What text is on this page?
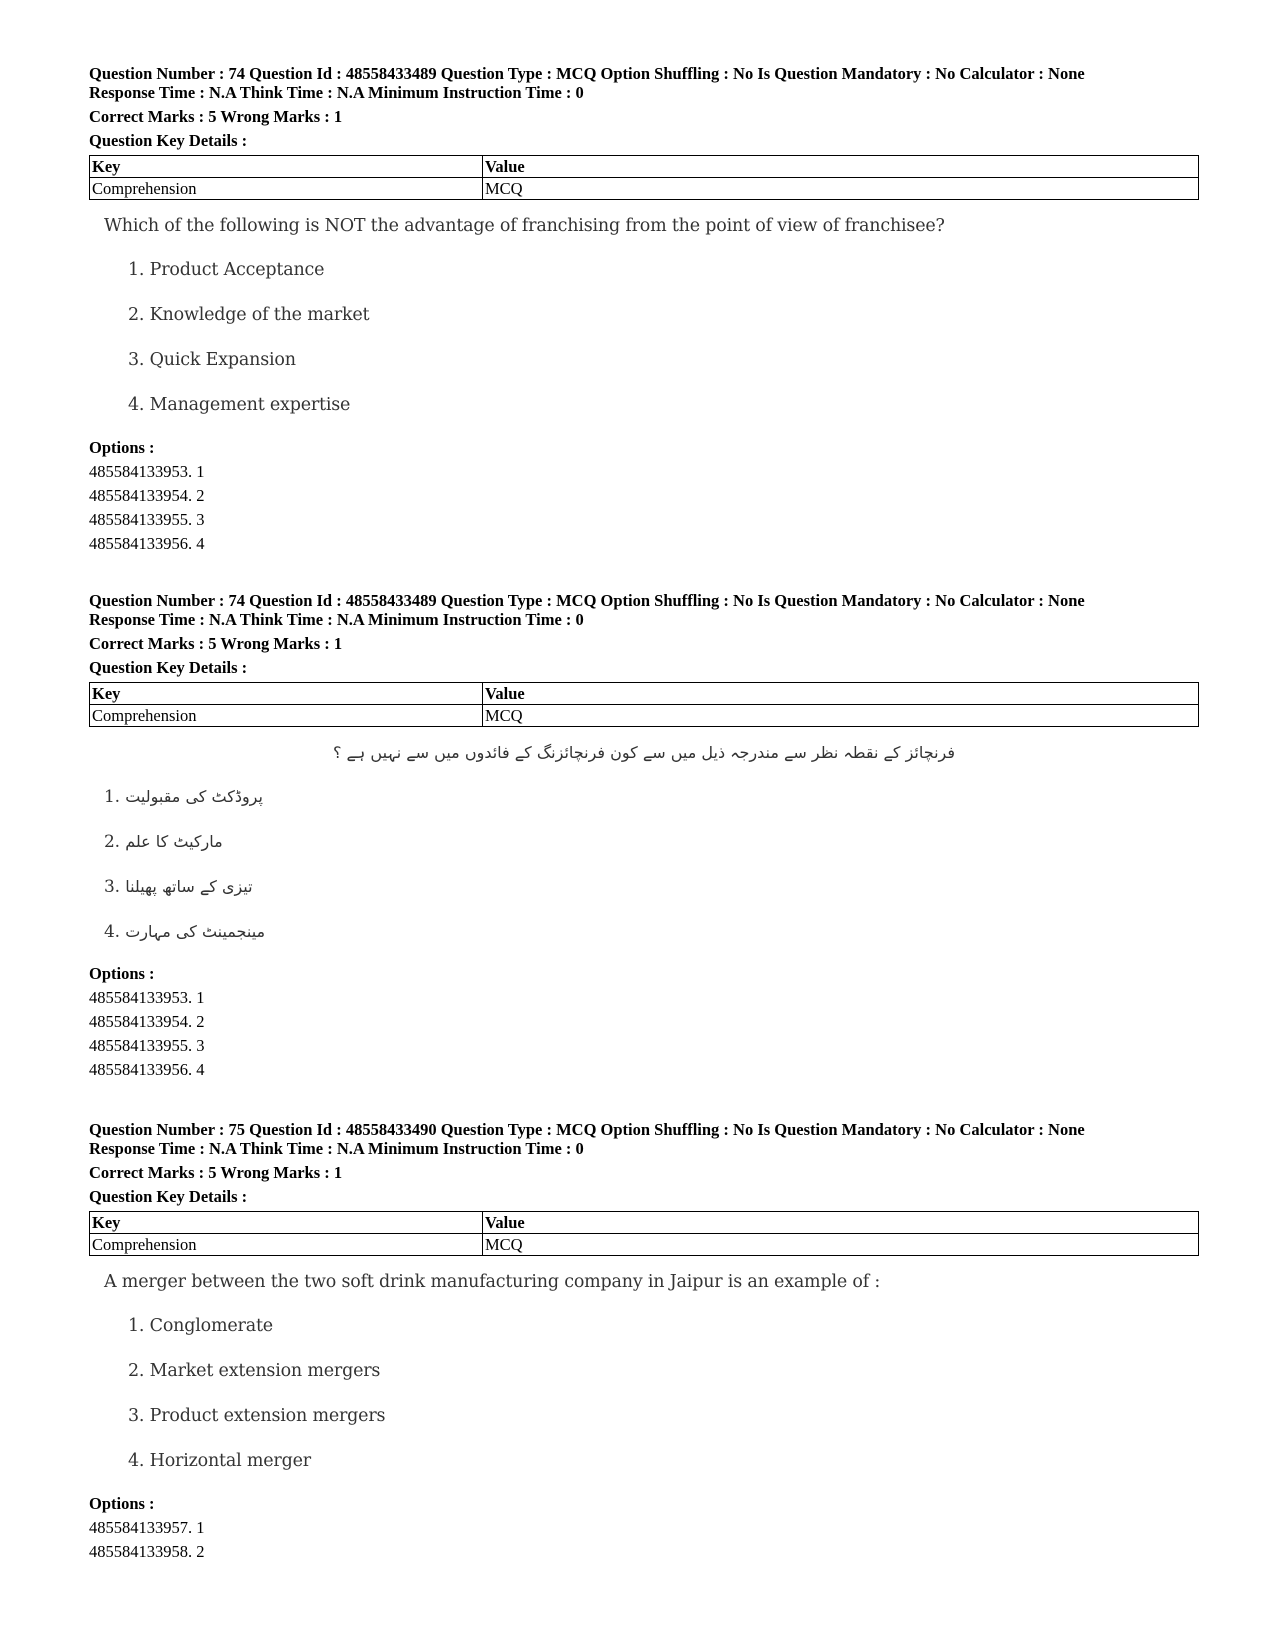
Question Number : 74 Question Id : 48558433489 Question Type : MCQ Option Shuffling : No Is Question Mandatory : No Calculator : None
Response Time : N.A Think Time : N.A Minimum Instruction Time : 0
Correct Marks : 5 Wrong Marks : 1
Question Key Details :
Key	Value
Comprehension	MCQ
Which of the following is NOT the advantage of franchising from the point of view of franchisee?
1. Product Acceptance
2. Knowledge of the market
3. Quick Expansion
4. Management expertise
Options :
485584133953. 1
485584133954. 2
485584133955. 3
485584133956. 4
Question Number : 74 Question Id : 48558433489 Question Type : MCQ Option Shuffling : No Is Question Mandatory : No Calculator : None
Response Time : N.A Think Time : N.A Minimum Instruction Time : 0
Correct Marks : 5 Wrong Marks : 1
Question Key Details :
Key	Value
Comprehension	MCQ
فرنچائز کے نقطہ نظر سے مندرجہ ذیل میں سے کون فرنچائزنگ کے فائدوں میں سے نہیں ہے ؟
.1 پروڈکٹ کی مقبولیت
.2 مارکیٹ کا علم
.3 تیزی کے ساتھ پھیلنا
.4 مینجمینٹ کی مہارت
Options :
485584133953. 1
485584133954. 2
485584133955. 3
485584133956. 4
Question Number : 75 Question Id : 48558433490 Question Type : MCQ Option Shuffling : No Is Question Mandatory : No Calculator : None
Response Time : N.A Think Time : N.A Minimum Instruction Time : 0
Correct Marks : 5 Wrong Marks : 1
Question Key Details :
Key	Value
Comprehension	MCQ
A merger between the two soft drink manufacturing company in Jaipur is an example of :
1. Conglomerate
2. Market extension mergers
3. Product extension mergers
4. Horizontal merger
Options :
485584133957. 1
485584133958. 2
